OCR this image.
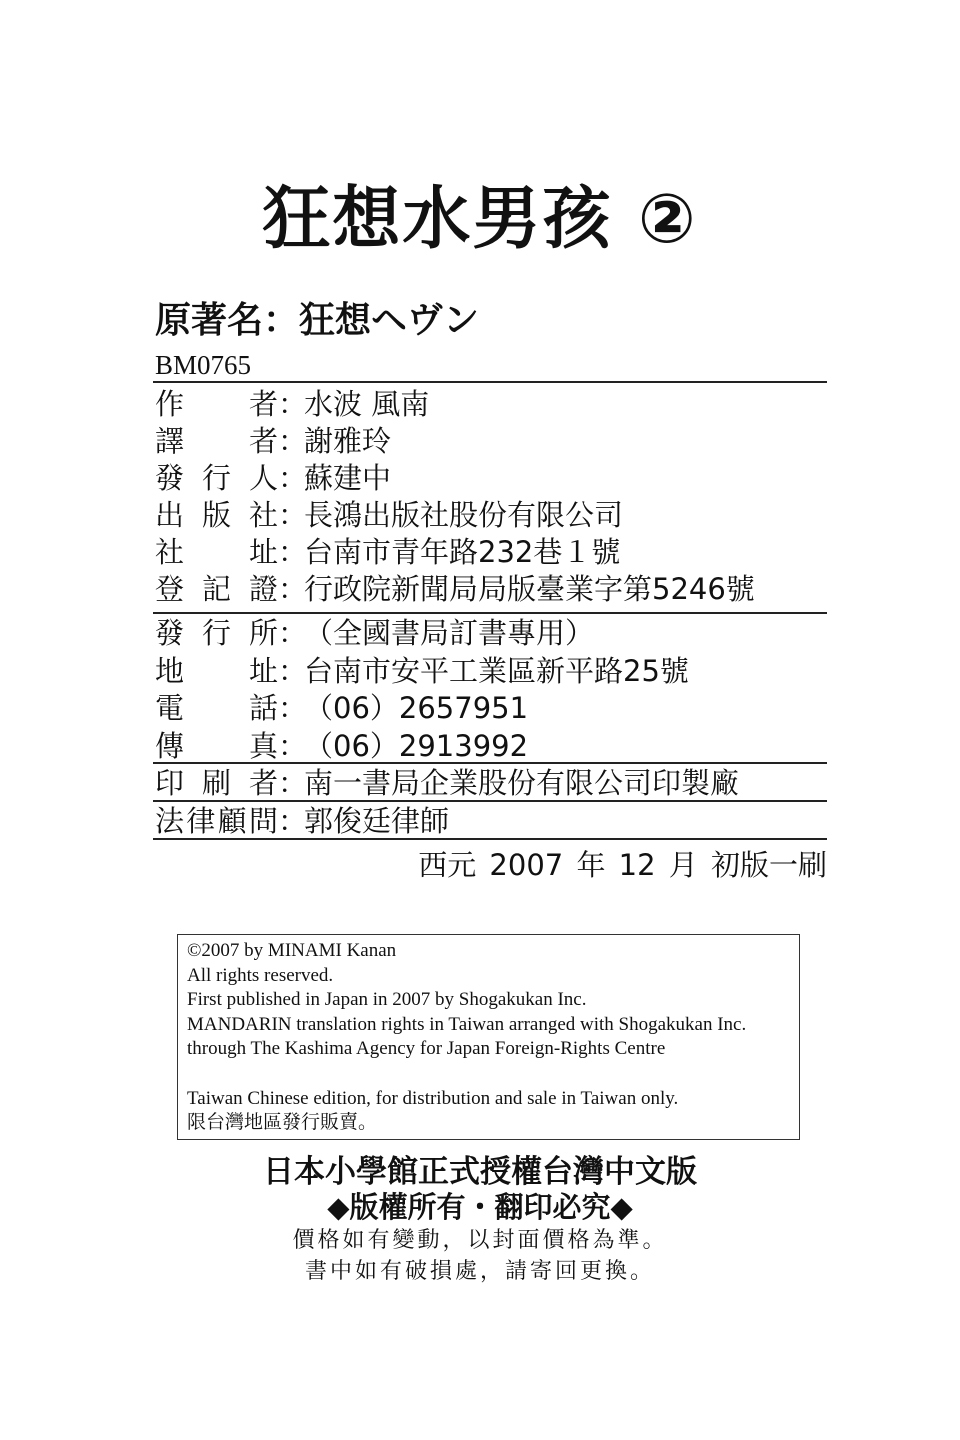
狂想水男孩 ②
原著名：狂想ヘヴン
BM0765
作 者 ：水波 風南
譯 者 ：謝雅玲
發 行 人 ：蘇建中
出 版 社 ：長鴻出版社股份有限公司
社 址 ：台南市青年路232巷１號
登 記 證 ：行政院新聞局局版臺業字第5246號
發 行 所 ：（全國書局訂書專用）
地 址 ：台南市安平工業區新平路25號
電 話 ：（06）2657951
傳 真 ：（06）2913992
印 刷 者 ：南一書局企業股份有限公司印製廠
法 律 顧 問 ：郭俊廷律師
西元 2007 年 12 月 初版一刷
©2007 by MINAMI Kanan
All rights reserved.
First published in Japan in 2007 by Shogakukan Inc.
MANDARIN translation rights in Taiwan arranged with Shogakukan Inc.
through The Kashima Agency for Japan Foreign-Rights Centre
Taiwan Chinese edition, for distribution and sale in Taiwan only.
限台灣地區發行販賣。
日本小學館正式授權台灣中文版
◆版權所有・翻印必究◆
價格如有變動，以封面價格為準。
書中如有破損處，請寄回更換。
